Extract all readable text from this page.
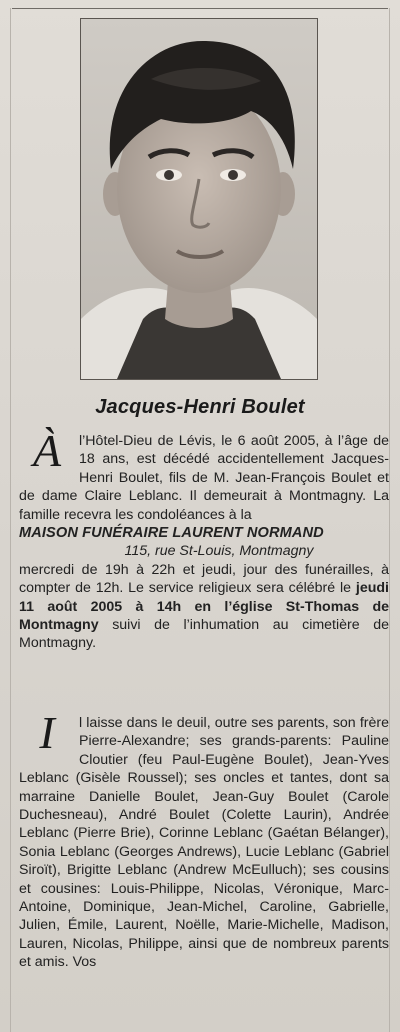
Jacques-Henri Boulet
À	l’Hôtel-Dieu de Lévis, le 6 août 2005, à l’âge de 18 ans, est décédé accidentellement Jacques-Henri Boulet, fils de M. Jean-François Boulet et de dame Claire Leblanc. Il demeurait à Montmagny. La famille recevra les condoléances à la
MAISON FUNÉRAIRE LAURENT NORMAND
115, rue St-Louis, Montmagny
mercredi de 19h à 22h et jeudi, jour des funérailles, à compter de 12h. Le service religieux sera célébré le jeudi 11 août 2005 à 14h en l’église St-Thomas de Montmagny suivi de l’inhumation au cimetière de Montmagny.
I	l laisse dans le deuil, outre ses parents, son frère Pierre-Alexandre; ses grands-parents: Pauline Cloutier (feu Paul-Eugène Boulet), Jean-Yves Leblanc (Gisèle Roussel); ses oncles et tantes, dont sa marraine Danielle Boulet, Jean-Guy Boulet (Carole Duchesneau), André Boulet (Colette Laurin), Andrée Leblanc (Pierre Brie), Corinne Leblanc (Gaétan Bélanger), Sonia Leblanc (Georges Andrews), Lucie Leblanc (Gabriel Siroït), Brigitte Leblanc (Andrew McEulluch); ses cousins et cousines: Louis-Philippe, Nicolas, Véronique, Marc-Antoine, Dominique, Jean-Michel, Caroline, Gabrielle, Julien, Émile, Laurent, Noëlle, Marie-Michelle, Madison, Lauren, Nicolas, Philippe, ainsi que de nombreux parents et amis. Vos
